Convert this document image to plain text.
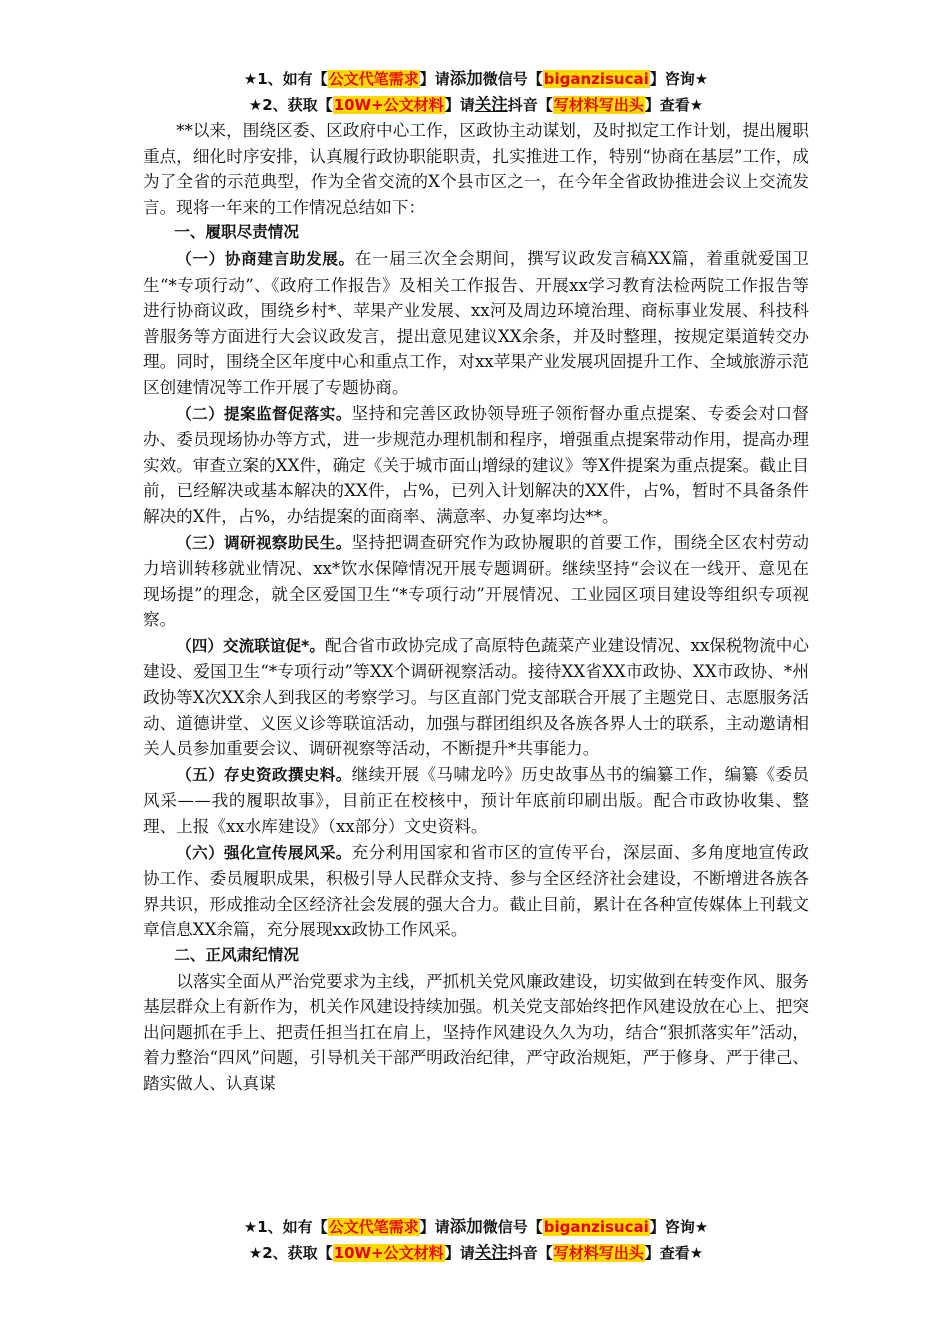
★1、如有【公文代笔需求】请添加微信号【biganzisucai】咨询★
★2、获取【10W+公文材料】请关注抖音【写材料写出头】查看★

**以来，围绕区委、区政府中心工作，区政协主动谋划，及时拟定工作计划，提出履职重点，细化时序安排，认真履行政协职能职责，扎实推进工作，特别“协商在基层”工作，成为了全省的示范典型，作为全省交流的X个县市区之一，在今年全省政协推进会议上交流发言。现将一年来的工作情况总结如下：

一、履职尽责情况

（一）协商建言助发展。在一届三次全会期间，撰写议政发言稿XX篇，着重就爱国卫生“*专项行动”、《政府工作报告》及相关工作报告、开展xx学习教育法检两院工作报告等进行协商议政，围绕乡村*、苹果产业发展、xx河及周边环境治理、商标事业发展、科技科普服务等方面进行大会议政发言，提出意见建议XX余条，并及时整理，按规定渠道转交办理。同时，围绕全区年度中心和重点工作，对xx苹果产业发展巩固提升工作、全域旅游示范区创建情况等工作开展了专题协商。

（二）提案监督促落实。坚持和完善区政协领导班子领衔督办重点提案、专委会对口督办、委员现场协办等方式，进一步规范办理机制和程序，增强重点提案带动作用，提高办理实效。审查立案的XX件，确定《关于城市面山增绿的建议》等X件提案为重点提案。截止目前，已经解决或基本解决的XX件，占%，已列入计划解决的XX件，占%，暂时不具备条件解决的X件，占%，办结提案的面商率、满意率、办复率均达**。

（三）调研视察助民生。坚持把调查研究作为政协履职的首要工作，围绕全区农村劳动力培训转移就业情况、xx*饮水保障情况开展专题调研。继续坚持“会议在一线开、意见在现场提”的理念，就全区爱国卫生“*专项行动”开展情况、工业园区项目建设等组织专项视察。

（四）交流联谊促*。配合省市政协完成了高原特色蔬菜产业建设情况、xx保税物流中心建设、爱国卫生“*专项行动”等XX个调研视察活动。接待XX省XX市政协、XX市政协、*州政协等X次XX余人到我区的考察学习。与区直部门党支部联合开展了主题党日、志愿服务活动、道德讲堂、义医义诊等联谊活动，加强与群团组织及各族各界人士的联系，主动邀请相关人员参加重要会议、调研视察等活动，不断提升*共事能力。

（五）存史资政撰史料。继续开展《马啸龙吟》历史故事丛书的编纂工作，编纂《委员风采——我的履职故事》，目前正在校核中，预计年底前印刷出版。配合市政协收集、整理、上报《xx水库建设》（xx部分）文史资料。

（六）强化宣传展风采。充分利用国家和省市区的宣传平台，深层面、多角度地宣传政协工作、委员履职成果，积极引导人民群众支持、参与全区经济社会建设，不断增进各族各界共识，形成推动全区经济社会发展的强大合力。截止目前，累计在各种宣传媒体上刊载文章信息XX余篇，充分展现xx政协工作风采。

二、正风肃纪情况

以落实全面从严治党要求为主线，严抓机关党风廉政建设，切实做到在转变作风、服务基层群众上有新作为，机关作风建设持续加强。机关党支部始终把作风建设放在心上、把突出问题抓在手上、把责任担当扛在肩上，坚持作风建设久久为功，结合“狠抓落实年”活动，着力整治“四风”问题，引导机关干部严明政治纪律，严守政治规矩，严于修身、严于律己、踏实做人、认真谋

★1、如有【公文代笔需求】请添加微信号【biganzisucai】咨询★
★2、获取【10W+公文材料】请关注抖音【写材料写出头】查看★
